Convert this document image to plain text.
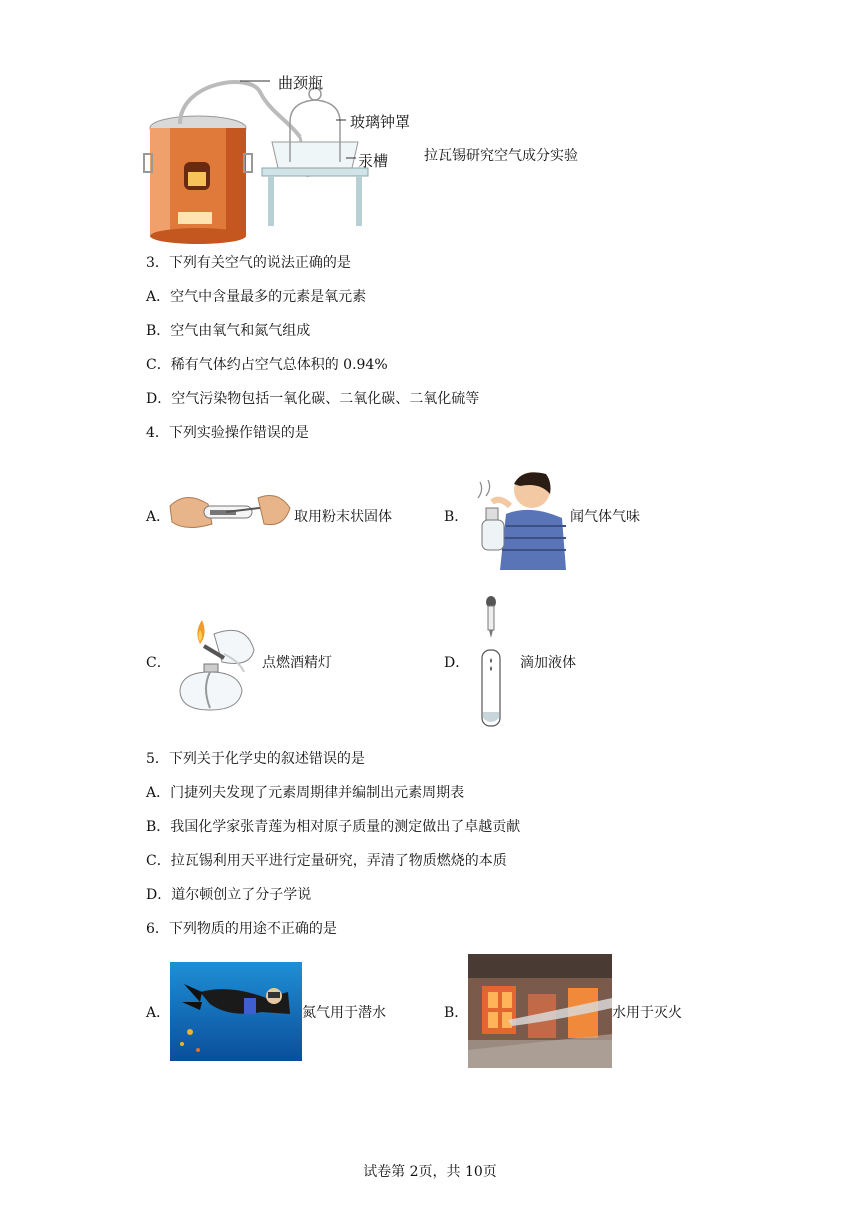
曲颈瓶
玻璃钟罩
汞槽	拉瓦锡研究空气成分实验
3．下列有关空气的说法正确的是
A．空气中含量最多的元素是氧元素
B．空气由氧气和氮气组成
C．稀有气体约占空气总体积的 0.94%
D．空气污染物包括一氧化碳、二氧化碳、二氧化硫等
4．下列实验操作错误的是
A．	取用粉末状固体	B．	闻气体气味
C．	点燃酒精灯	D．	滴加液体
5．下列关于化学史的叙述错误的是
A．门捷列夫发现了元素周期律并编制出元素周期表
B．我国化学家张青莲为相对原子质量的测定做出了卓越贡献
C．拉瓦锡利用天平进行定量研究，弄清了物质燃烧的本质
D．道尔顿创立了分子学说
6．下列物质的用途不正确的是
A．	氮气用于潜水	B．	水用于灭火
试卷第 2页，共 10页
